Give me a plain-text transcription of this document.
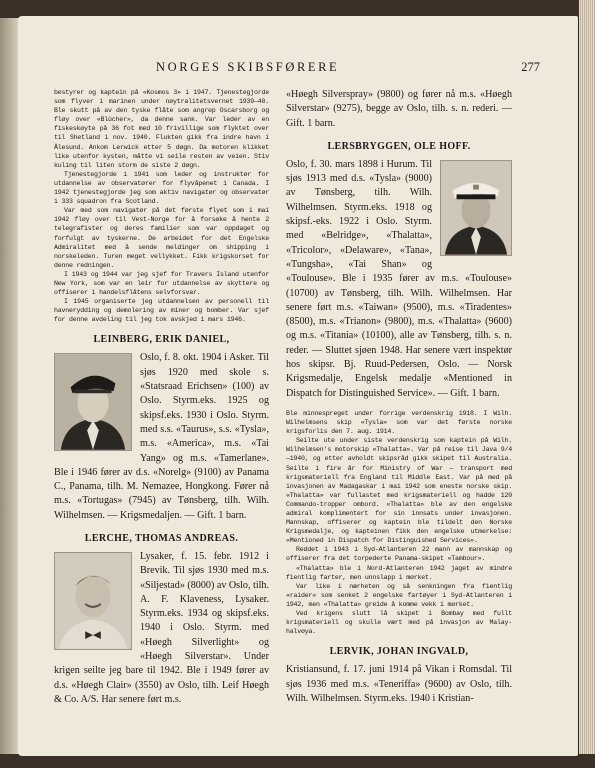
NORGES SKIBSFØRERE	277

bestyrer og kaptein på «Kosmos 3» i 1947. Tjenestegjorde som flyver i marinen under nøytralitetsvernet 1939—40. Ble skutt på av den tyske flåte som angrep Oscarsborg og fløy over «Blücher», da denne sank. Var leder av en fiskeskøyte på 36 fot med 10 frivillige som flyktet over til Shetland i nov. 1940. Flukten gikk fra indre havn i Ålesund. Ankom Lerwick etter 5 døgn. Da motoren klikket like utenfor kysten, måtte vi seile resten av veien. Stiv kuling til liten storm de siste 2 døgn.

Tjenestegjorde i 1941 som leder og instruktør for utdannelse av observatører for flyvåpenet i Canada. I 1942 tjenestegjorde jeg som aktiv navigatør og observatør i 333 squadron fra Scotland.

Var med som navigatør på det første flyet som i mai 1942 fløy over til Vest-Norge for å forsøke å hente 2 telegrafister og deres familier som var oppdaget og forfulgt av tyskerne. De arbeidet for det Engelske Admiralitet med å sende meldinger om shipping i norskeleden. Turen meget vellykket. Fikk krigskorset for denne redningen.

I 1943 og 1944 var jeg sjef for Travers Island utenfor New York, som var en leir for utdannelse av skyttere og offiserer i handelsflåtens selvforsvar.

I 1945 organiserte jeg utdannelsen av personell til havnerydding og demolering av miner og bomber. Var sjef for denne avdeling til jeg tok avskjed i mars 1946.

LEINBERG, ERIK DANIEL,

Oslo, f. 8. okt. 1904 i Asker. Til sjøs 1920 med skole s. «Statsraad Erichsen» (100) av Oslo. Styrm.eks. 1925 og skipsf.eks. 1930 i Oslo. Styrm. med s.s. «Taurus», s.s. «Tysla», m.s. «America», m.s. «Tai Yang» og m.s. «Tamerlane». Ble i 1946 fører av d.s. «Norelg» (9100) av Panama C., Panama, tilh. M. Nemazee, Hongkong. Fører nå m.s. «Tortugas» (7945) av Tønsberg, tilh. Wilh. Wilhelmsen. — Krigsmedaljen. — Gift. 1 barn.

LERCHE, THOMAS ANDREAS.

Lysaker, f. 15. febr. 1912 i Brevik. Til sjøs 1930 med m.s. «Siljestad» (8000) av Oslo, tilh. A. F. Klaveness, Lysaker. Styrm.eks. 1934 og skipsf.eks. 1940 i Oslo. Styrm. med «Høegh Silverlight» og «Høegh Silverstar». Under krigen seilte jeg bare til 1942. Ble i 1949 fører av d.s. «Høegh Clair» (3550) av Oslo, tilh. Leif Høegh & Co. A/S. Har senere ført m.s.

«Høegh Silverspray» (9800) og fører nå m.s. «Høegh Silverstar» (9275), begge av Oslo, tilh. s. n. rederi. — Gift. 1 barn.

LERSBRYGGEN, OLE HOFF.

Oslo, f. 30. mars 1898 i Hurum. Til sjøs 1913 med d.s. «Tysla» (9000) av Tønsberg, tilh. Wilh. Wilhelmsen. Styrm.eks. 1918 og skipsf.-eks. 1922 i Oslo. Styrm. med «Belridge», «Thalatta», «Tricolor», «Delaware», «Tana», «Tungsha», «Tai Shan» og «Toulouse». Ble i 1935 fører av m.s. «Toulouse» (10700) av Tønsberg, tilh. Wilh. Wilhelmsen. Har senere ført m.s. «Taiwan» (9500), m.s. «Tiradentes» (8500), m.s. «Trianon» (9800), m.s. «Thalatta» (9600) og m.s. «Titania» (10100), alle av Tønsberg, tilh. s. n. reder. — Sluttet sjøen 1948. Har senere vært inspektør hos skipsr. Bj. Ruud-Pedersen, Oslo. — Norsk Krigsmedalje, Engelsk medalje «Mentioned in Dispatch for Distinguished Service». — Gift. 1 barn.

Ble minnespreget under forrige verdenskrig 1918. I Wilh. Wilhelmsens skip «Tysla» som var det første norske krigsforlis den 7. aug. 1914.

Seilte ute under siste verdenskrig som kaptein på Wilh. Wilhelmsen's motorskip «Thalatta». Var på reise til Java 9/4—1940, og etter avholdt skipsråd gikk skipet til Australia. Seilte i fire år for Ministry of War — transport med krigsmateriell fra England til Middle East. Var på med på invasjonen av Madagaskar i mai 1942 som eneste norske skip. «Thalatta» var fullastet med krigsmateriell og hadde 120 Commando-tropper ombord. «Thalatta» ble av den engelske admiral komplimentert for sin innsats under invasjonen. Mannskap, offiserer og kaptein ble tildelt den Norske Krigsmedalje, og kapteinen fikk den engelske utmerkelse: «Mentioned in Dispatch for Distinguished Services».

Reddet i 1943 i Syd-Atlanteren 22 mann av mannskap og offiserer fra det torpederte Panama-skipet «Tambour».

«Thalatta» ble i Nord-Atlanteren 1942 jaget av mindre fientlig farter, men unnslapp i mørket.

Var like i nærheten og så senkningen fra fientlig «raider» som senket 2 engelske fartøyer i Syd-Atlanteren i 1942, men «Thalatta» greide å komme vekk i mørket.

Ved krigens slutt lå skipet i Bombay med fullt krigsmateriell og skulle vært med på invasjon av Malay-halvøya.

LERVIK, JOHAN INGVALD,

Kristiansund, f. 17. juni 1914 på Vikan i Romsdal. Til sjøs 1936 med m.s. «Teneriffa» (9600) av Oslo, tilh. Wilh. Wilhelmsen. Styrm.eks. 1940 i Kristian-
